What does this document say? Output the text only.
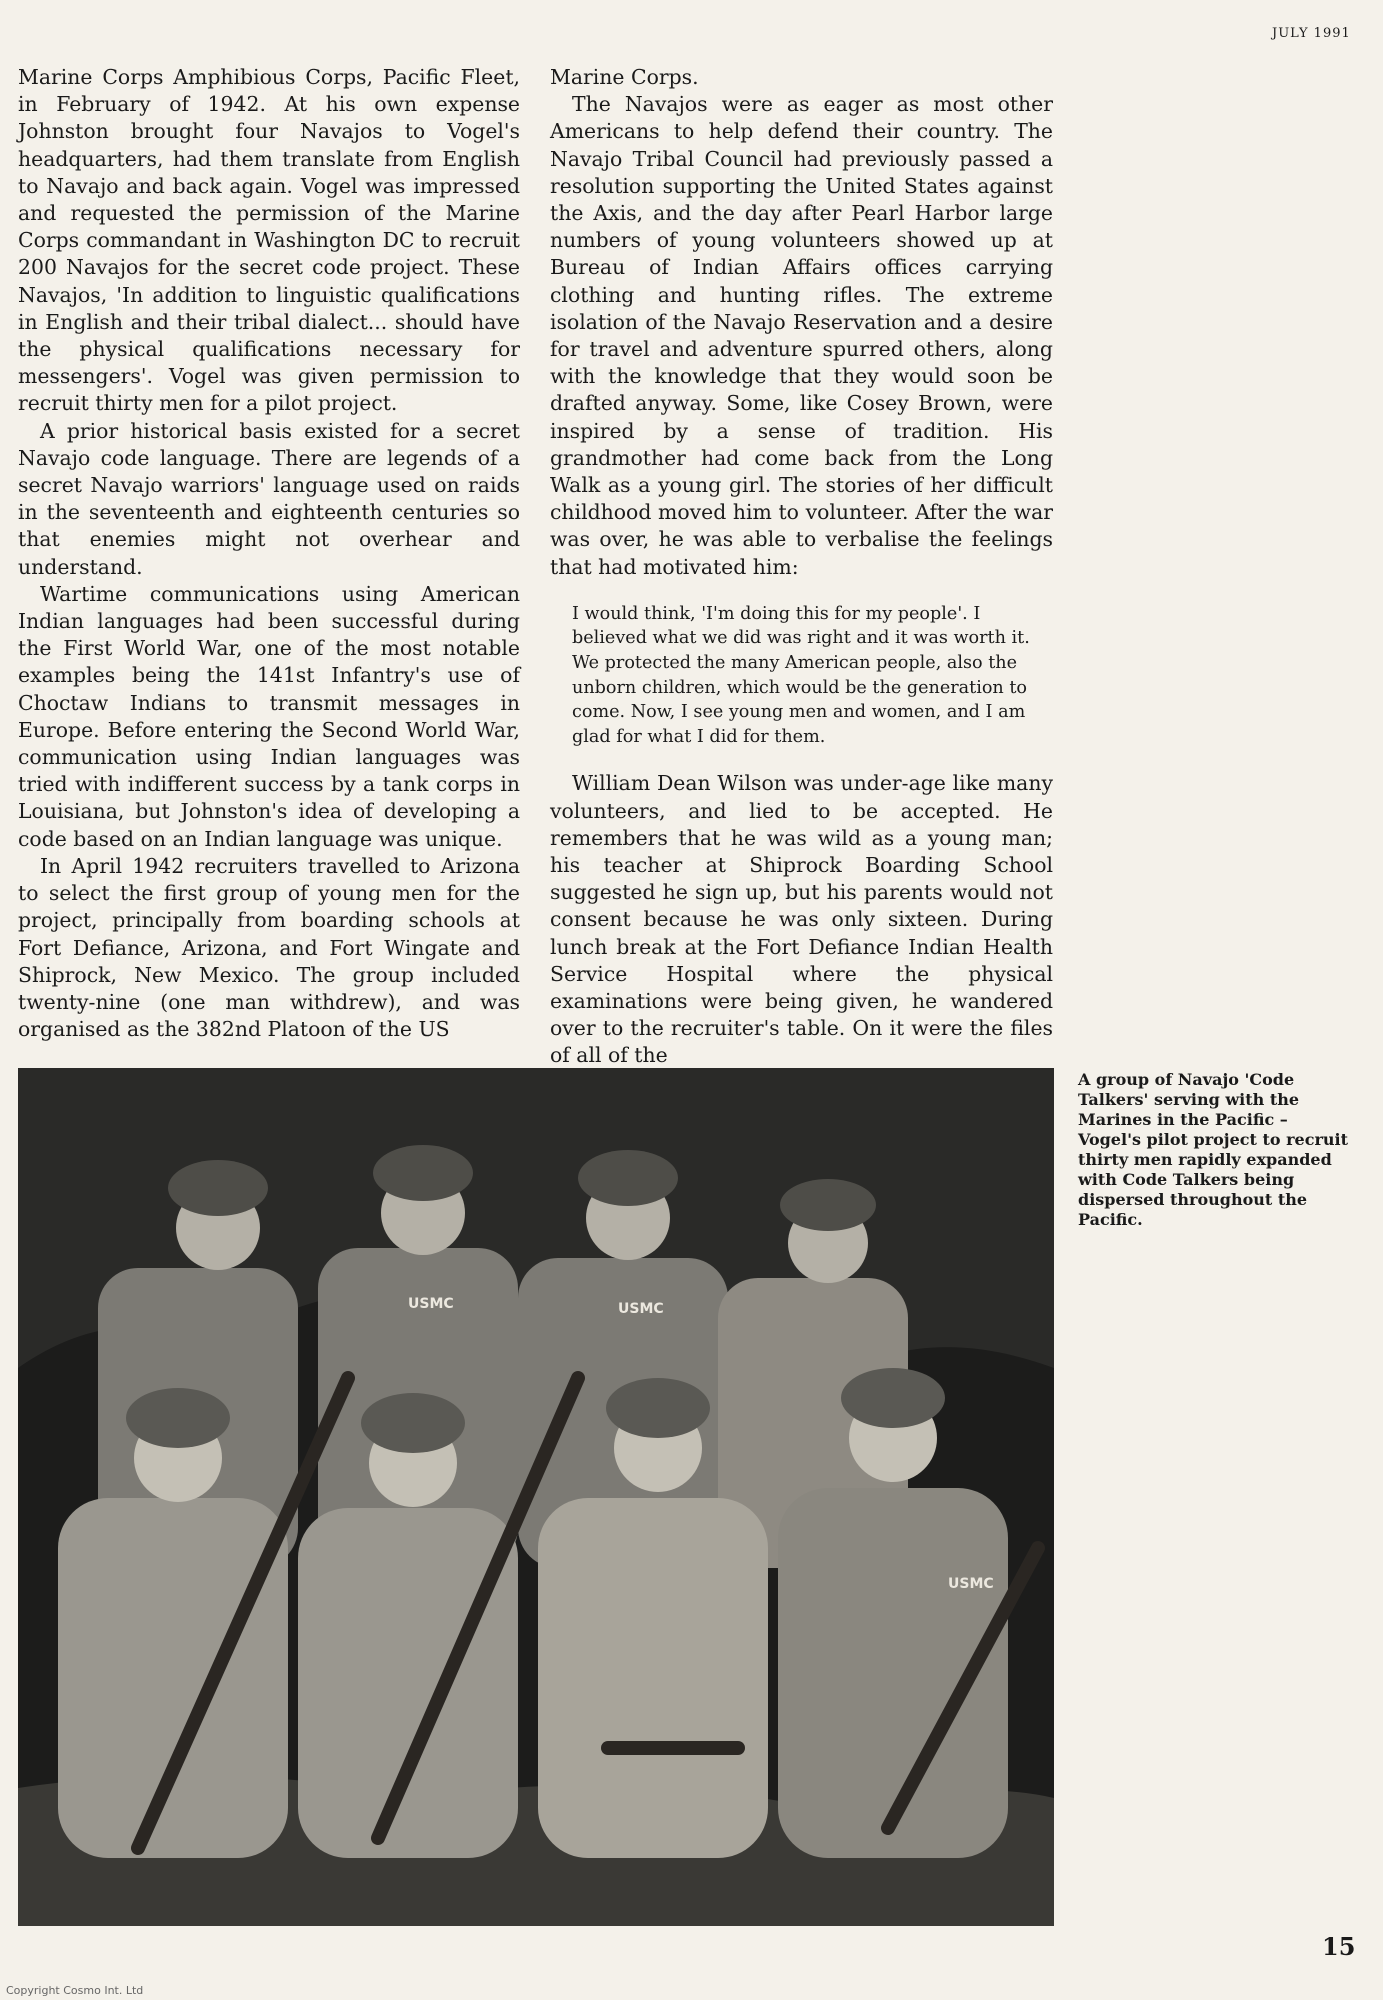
JULY 1991

Marine Corps Amphibious Corps, Pacific Fleet, in February of 1942. At his own expense Johnston brought four Navajos to Vogel's headquarters, had them translate from English to Navajo and back again. Vogel was impressed and requested the permission of the Marine Corps commandant in Washington DC to recruit 200 Navajos for the secret code project. These Navajos, 'In addition to linguistic qualifications in English and their tribal dialect... should have the physical qualifications necessary for messengers'. Vogel was given permission to recruit thirty men for a pilot project.

A prior historical basis existed for a secret Navajo code language. There are legends of a secret Navajo warriors' language used on raids in the seventeenth and eighteenth centuries so that enemies might not overhear and understand.

Wartime communications using American Indian languages had been successful during the First World War, one of the most notable examples being the 141st Infantry's use of Choctaw Indians to transmit messages in Europe. Before entering the Second World War, communication using Indian languages was tried with indifferent success by a tank corps in Louisiana, but Johnston's idea of developing a code based on an Indian language was unique.

In April 1942 recruiters travelled to Arizona to select the first group of young men for the project, principally from boarding schools at Fort Defiance, Arizona, and Fort Wingate and Shiprock, New Mexico. The group included twenty-nine (one man withdrew), and was organised as the 382nd Platoon of the US

Marine Corps.

The Navajos were as eager as most other Americans to help defend their country. The Navajo Tribal Council had previously passed a resolution supporting the United States against the Axis, and the day after Pearl Harbor large numbers of young volunteers showed up at Bureau of Indian Affairs offices carrying clothing and hunting rifles. The extreme isolation of the Navajo Reservation and a desire for travel and adventure spurred others, along with the knowledge that they would soon be drafted anyway. Some, like Cosey Brown, were inspired by a sense of tradition. His grandmother had come back from the Long Walk as a young girl. The stories of her difficult childhood moved him to volunteer. After the war was over, he was able to verbalise the feelings that had motivated him:

I would think, 'I'm doing this for my people'. I believed what we did was right and it was worth it. We protected the many American people, also the unborn children, which would be the generation to come. Now, I see young men and women, and I am glad for what I did for them.

William Dean Wilson was under-age like many volunteers, and lied to be accepted. He remembers that he was wild as a young man; his teacher at Shiprock Boarding School suggested he sign up, but his parents would not consent because he was only sixteen. During lunch break at the Fort Defiance Indian Health Service Hospital where the physical examinations were being given, he wandered over to the recruiter's table. On it were the files of all of the

USMC	USMC
USMC
A group of Navajo 'Code Talkers' serving with the Marines in the Pacific – Vogel's pilot project to recruit thirty men rapidly expanded with Code Talkers being dispersed throughout the Pacific.
15
Copyright Cosmo Int. Ltd
